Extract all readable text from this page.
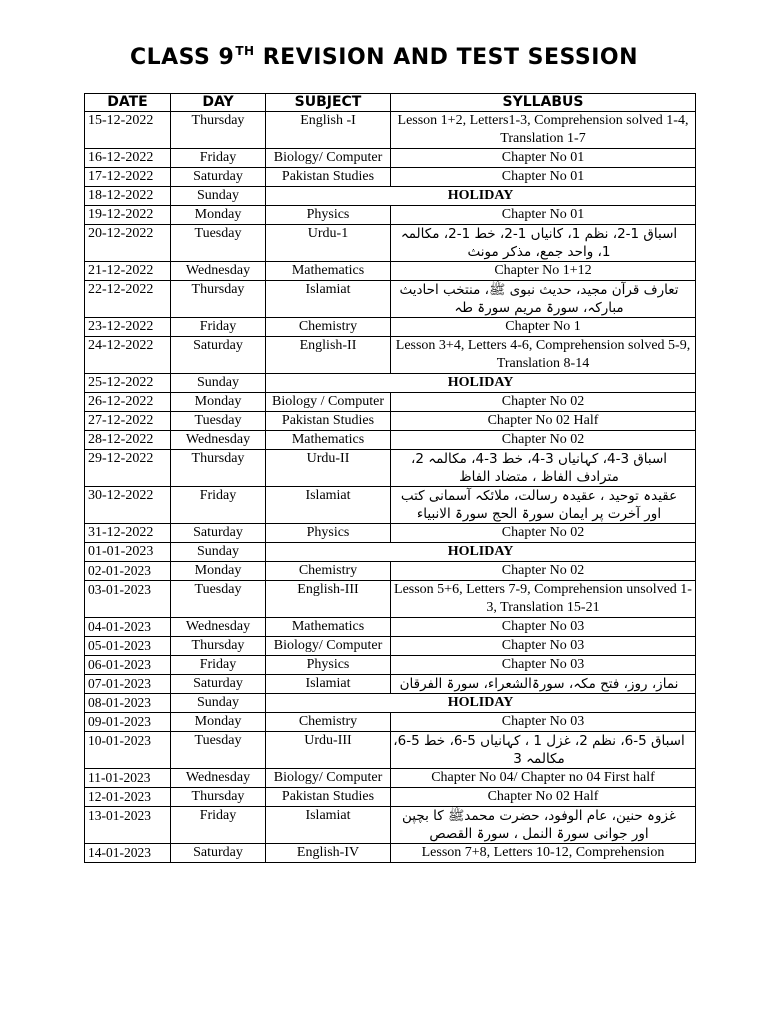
CLASS 9TH REVISION AND TEST SESSION
DATE	DAY	SUBJECT	SYLLABUS
15-12-2022	Thursday	English -I	Lesson 1+2, Letters1-3, Comprehension solved 1-4, Translation 1-7
16-12-2022	Friday	Biology/ Computer	Chapter No 01
17-12-2022	Saturday	Pakistan Studies	Chapter No 01
18-12-2022	Sunday	HOLIDAY	
19-12-2022	Monday	Physics	Chapter No 01
20-12-2022	Tuesday	Urdu-1	اسباق 1-2، نظم 1، کانیاں 1-2، خط 1-2، مکالمہ 1، واحد جمع، مذکر مونث
21-12-2022	Wednesday	Mathematics	Chapter No 1+12
22-12-2022	Thursday	Islamiat	تعارف قرآن مجید، حدیث نبوی ﷺ، منتخب احادیث مبارکہ، سورۃ مریم سورۃ طہ
23-12-2022	Friday	Chemistry	Chapter No 1
24-12-2022	Saturday	English-II	Lesson 3+4, Letters 4-6, Comprehension solved 5-9, Translation 8-14
25-12-2022	Sunday	HOLIDAY	
26-12-2022	Monday	Biology / Computer	Chapter No 02
27-12-2022	Tuesday	Pakistan Studies	Chapter No 02 Half
28-12-2022	Wednesday	Mathematics	Chapter No 02
29-12-2022	Thursday	Urdu-II	اسباق 3-4، کہانیاں 3-4، خط 3-4، مکالمہ 2، مترادف الفاظ ، متضاد الفاظ
30-12-2022	Friday	Islamiat	عقیدہ توحید ، عقیدہ رسالت، ملائکہ آسمانی کتب اور آخرت پر ایمان سورۃ الحج سورۃ الانبیاء
31-12-2022	Saturday	Physics	Chapter No 02
01-01-2023	Sunday	HOLIDAY	
02-01-2023	Monday	Chemistry	Chapter No 02
03-01-2023	Tuesday	English-III	Lesson 5+6, Letters 7-9, Comprehension unsolved 1-3, Translation 15-21
04-01-2023	Wednesday	Mathematics	Chapter No 03
05-01-2023	Thursday	Biology/ Computer	Chapter No 03
06-01-2023	Friday	Physics	Chapter No 03
07-01-2023	Saturday	Islamiat	نماز، روز، فتح مکہ، سورۃالشعراء، سورۃ الفرقان
08-01-2023	Sunday	HOLIDAY	
09-01-2023	Monday	Chemistry	Chapter No 03
10-01-2023	Tuesday	Urdu-III	اسباق 5-6، نظم 2، غزل 1 ، کہانیاں 5-6، خط 5-6، مکالمہ 3
11-01-2023	Wednesday	Biology/ Computer	Chapter No 04/ Chapter no 04 First half
12-01-2023	Thursday	Pakistan Studies	Chapter No 02 Half
13-01-2023	Friday	Islamiat	غزوہ حنین، عام الوفود، حضرت محمدﷺ کا بچپن اور جوانی سورۃ النمل ، سورۃ القصص
14-01-2023	Saturday	English-IV	Lesson 7+8, Letters 10-12, Comprehension
